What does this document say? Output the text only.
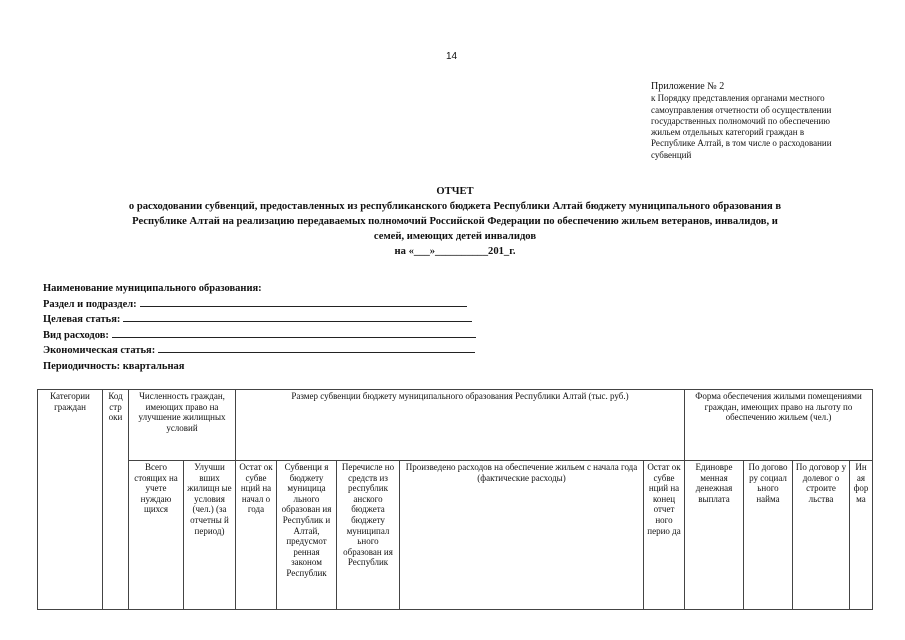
14
Приложение № 2
к Порядку представления органами местного
самоуправления отчетности об осуществлении
государственных полномочий по обеспечению
жильем отдельных категорий граждан в
Республике Алтай, в том числе о расходовании
субвенций
ОТЧЕТ
о расходовании субвенций, предоставленных из республиканского бюджета Республики Алтай бюджету муниципального образования в
Республике Алтай на реализацию передаваемых полномочий Российской Федерации по обеспечению жильем ветеранов, инвалидов, и
семей, имеющих детей инвалидов
на «___»__________201_г.
Наименование муниципального образования:
Раздел и подраздел:
Целевая статья:
Вид расходов:
Экономическая статья:
Периодичность: квартальная
Категории граждан	Код стр оки	Численность граждан, имеющих право на улучшение жилищных условий		Размер субвенции бюджету муниципального образования Республики Алтай (тыс. руб.)					Форма обеспечения жилыми помещениями граждан, имеющих право на льготу по обеспечению жильем (чел.)			
		Всего стоящих на учете нуждаю щихся	Улучши вших жилищн ые условия (чел.) (за отчетны й период)	Остат ок субве нций на начал о года	Субвенци я бюджету муницица льного образован ия Республик и Алтай, предусмот ренная законом Республик	Перечисле но средств из республик анского бюджета бюджету муниципал ьного образован ия Республик	Произведено расходов на обеспечение жильем с начала года (фактические расходы)	Остат ок субве нций на конец отчет ного перио да	Единовре менная денежная выплата	По догово ру социал ьного найма	По договор у долевог о строите льства	Ин ая фор ма
